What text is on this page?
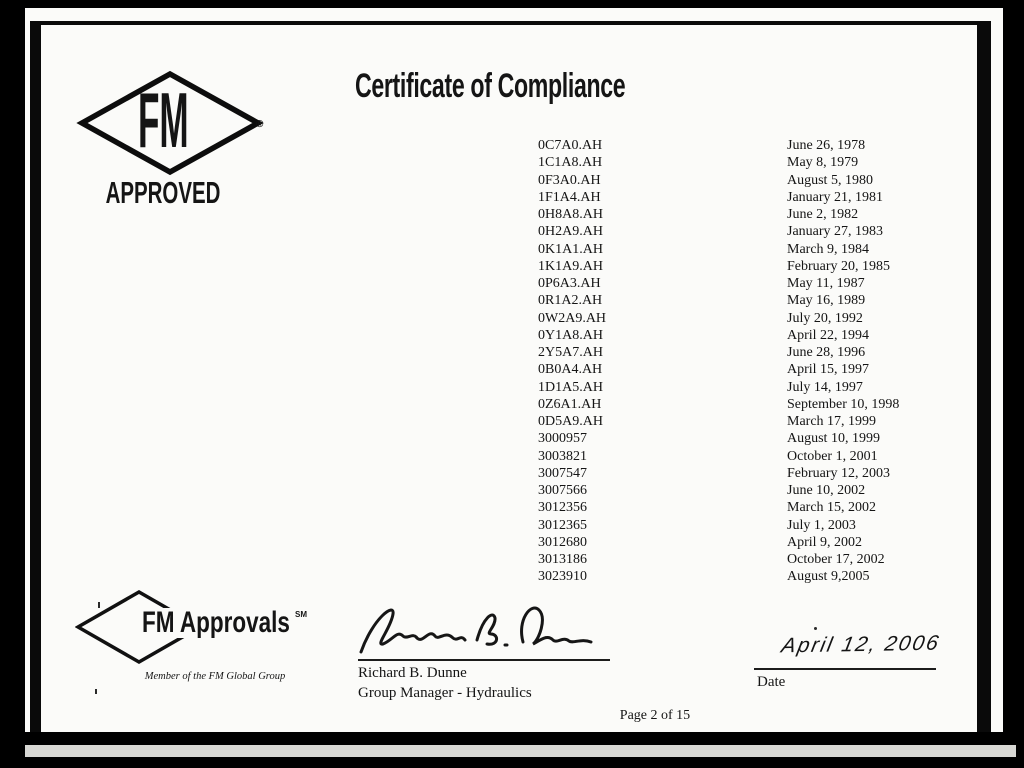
FM	®
APPROVED
Certificate of Compliance
0C7A0.AH	June 26, 1978
1C1A8.AH	May 8, 1979
0F3A0.AH	August 5, 1980
1F1A4.AH	January 21, 1981
0H8A8.AH	June 2, 1982
0H2A9.AH	January 27, 1983
0K1A1.AH	March 9, 1984
1K1A9.AH	February 20, 1985
0P6A3.AH	May 11, 1987
0R1A2.AH	May 16, 1989
0W2A9.AH	July 20, 1992
0Y1A8.AH	April 22, 1994
2Y5A7.AH	June 28, 1996
0B0A4.AH	April 15, 1997
1D1A5.AH	July 14, 1997
0Z6A1.AH	September 10, 1998
0D5A9.AH	March 17, 1999
3000957	August 10, 1999
3003821	October 1, 2001
3007547	February 12, 2003
3007566	June 10, 2002
3012356	March 15, 2002
3012365	July 1, 2003
3012680	April 9, 2002
3013186	October 17, 2002
3023910	August 9,2005
FM Approvals SM
Member of the FM Global Group	Richard B. Dunne
Group Manager - Hydraulics
April 12, 2006
Date
Page 2 of 15
